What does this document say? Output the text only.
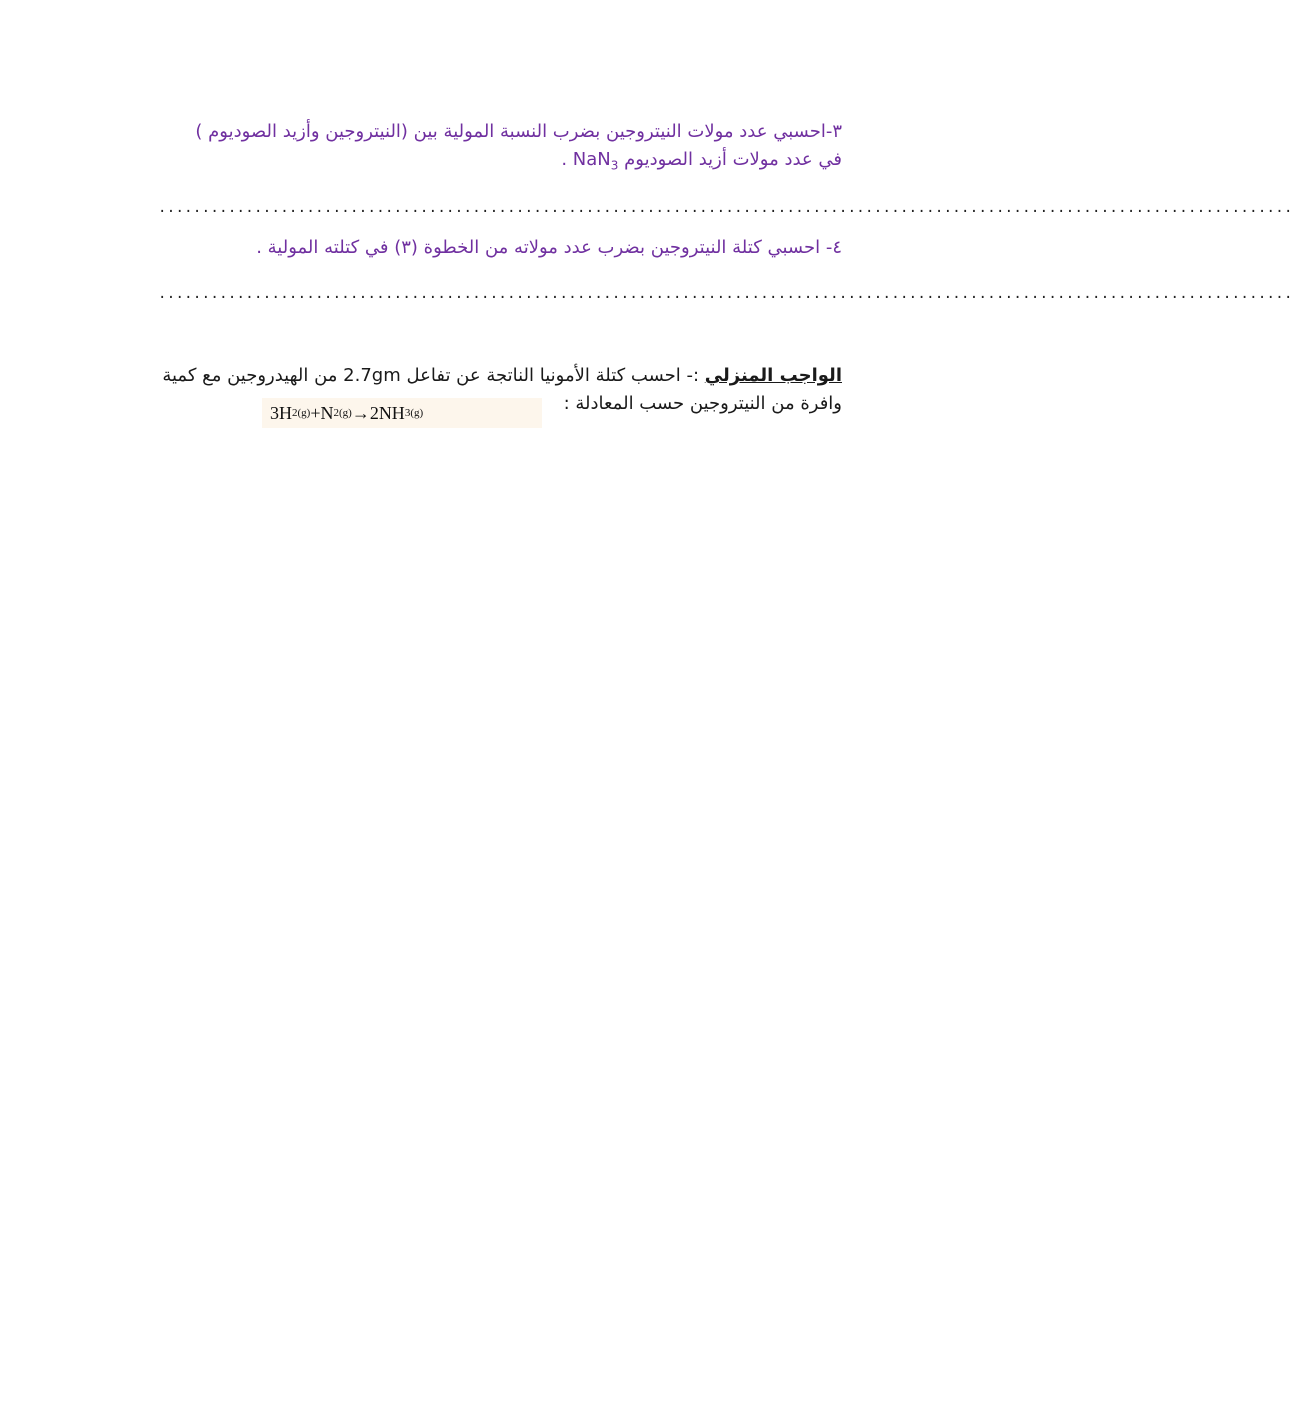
٣-احسبي عدد مولات النيتروجين بضرب النسبة المولية بين (النيتروجين وأزيد الصوديوم )
في عدد مولات أزيد الصوديوم NaN$_3$ .
..................................................................................................................................
٤- احسبي كتلة النيتروجين بضرب عدد مولاته من الخطوة (٣) في كتلته المولية .
..................................................................................................................................
الواجب المنزلي :- احسب كتلة الأمونيا الناتجة عن تفاعل 2.7gm من الهيدروجين مع كمية
وافرة من النيتروجين حسب المعادلة :
3H 2(g) +N 2(g) →2NH 3(g)
